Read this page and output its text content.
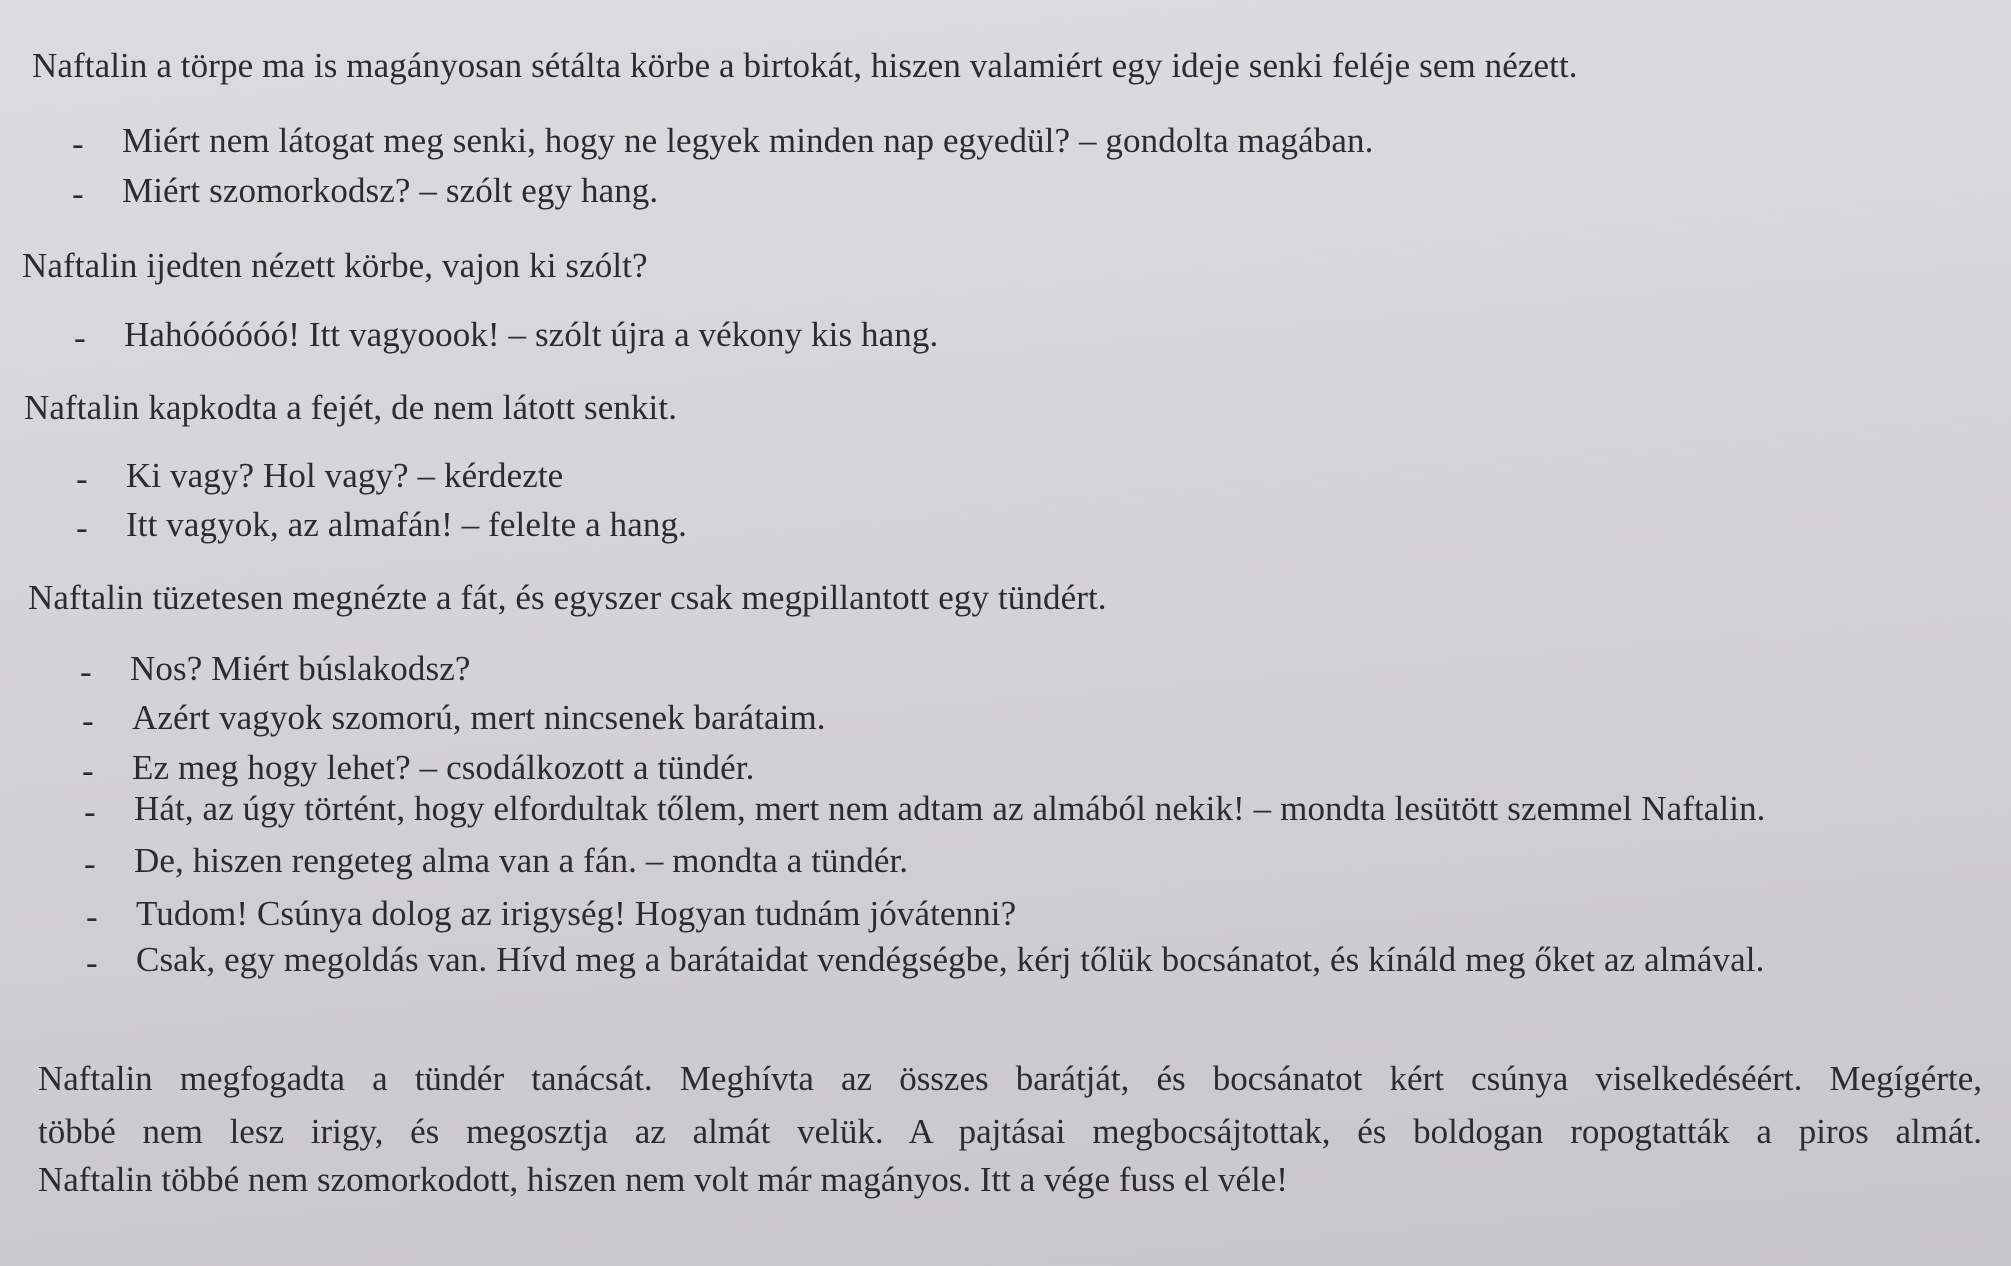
Naftalin a törpe ma is magányosan sétálta körbe a birtokát, hiszen valamiért egy ideje senki feléje sem nézett.
- Miért nem látogat meg senki, hogy ne legyek minden nap egyedül? – gondolta magában.
- Miért szomorkodsz? – szólt egy hang.
Naftalin ijedten nézett körbe, vajon ki szólt?
- Hahóóóóóó! Itt vagyoook! – szólt újra a vékony kis hang.
Naftalin kapkodta a fejét, de nem látott senkit.
- Ki vagy? Hol vagy? – kérdezte
- Itt vagyok, az almafán! – felelte a hang.
Naftalin tüzetesen megnézte a fát, és egyszer csak megpillantott egy tündért.
- Nos? Miért búslakodsz?
- Azért vagyok szomorú, mert nincsenek barátaim.
- Ez meg hogy lehet? – csodálkozott a tündér.
- Hát, az úgy történt, hogy elfordultak tőlem, mert nem adtam az almából nekik! – mondta lesütött szemmel Naftalin.
- De, hiszen rengeteg alma van a fán. – mondta a tündér.
- Tudom! Csúnya dolog az irigység! Hogyan tudnám jóvátenni?
- Csak, egy megoldás van. Hívd meg a barátaidat vendégségbe, kérj tőlük bocsánatot, és kínáld meg őket az almával.
Naftalin megfogadta a tündér tanácsát. Meghívta az összes barátját, és bocsánatot kért csúnya viselkedéséért. Megígérte,
többé nem lesz irigy, és megosztja az almát velük. A pajtásai megbocsájtottak, és boldogan ropogtatták a piros almát.
Naftalin többé nem szomorkodott, hiszen nem volt már magányos. Itt a vége fuss el véle!
